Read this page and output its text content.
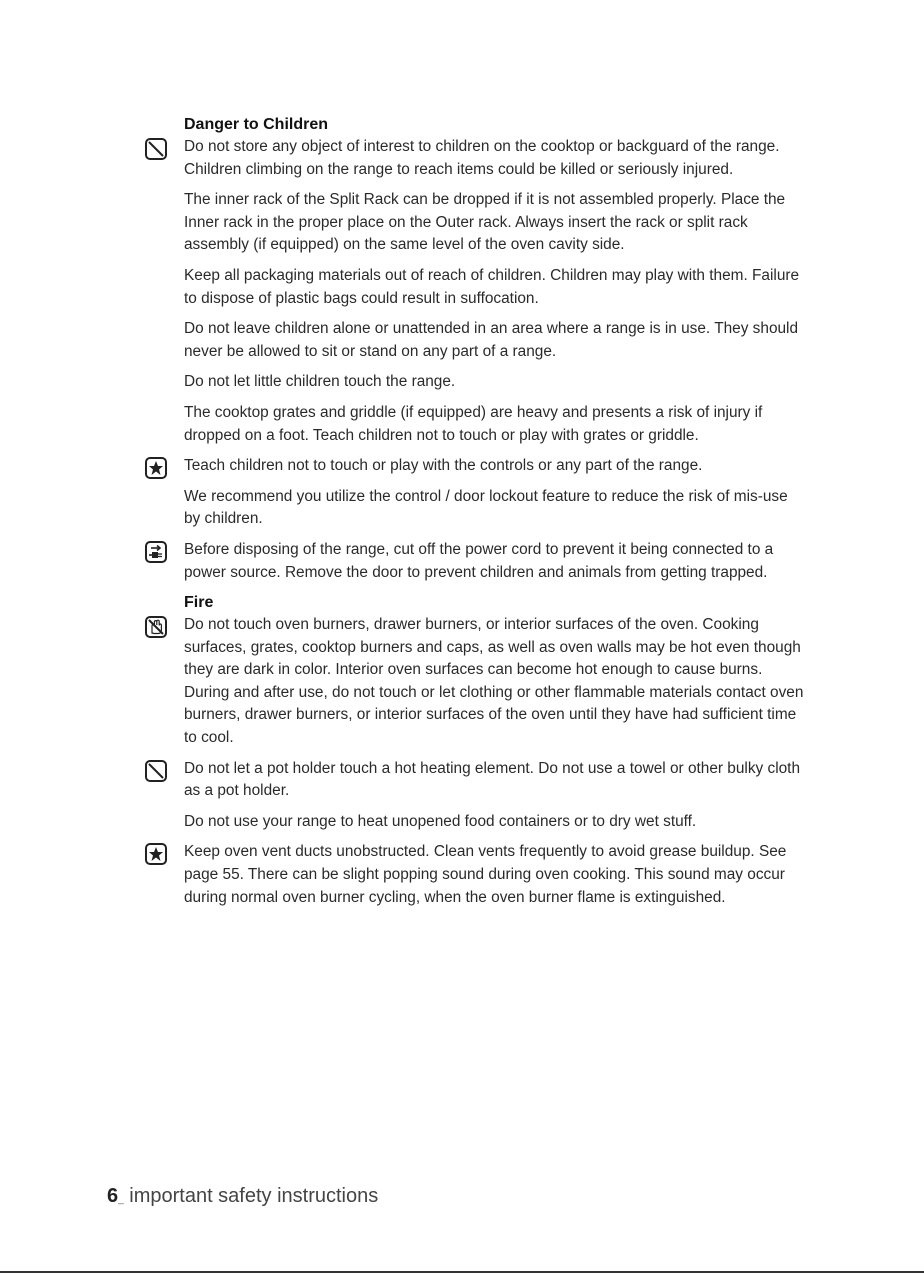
Danger to Children
Do not store any object of interest to children on the cooktop or backguard of the range. Children climbing on the range to reach items could be killed or seriously injured.
The inner rack of the Split Rack can be dropped if it is not assembled properly. Place the Inner rack in the proper place on the Outer rack. Always insert the rack or split rack assembly (if equipped) on the same level of the oven cavity side.
Keep all packaging materials out of reach of children. Children may play with them. Failure to dispose of plastic bags could result in suffocation.
Do not leave children alone or unattended in an area where a range is in use. They should never be allowed to sit or stand on any part of a range.
Do not let little children touch the range.
The cooktop grates and griddle (if equipped) are heavy and presents a risk of injury if dropped on a foot. Teach children not to touch or play with grates or griddle.
Teach children not to touch or play with the controls or any part of the range.
We recommend you utilize the control / door lockout feature to reduce the risk of mis-use by children.
Before disposing of the range, cut off the power cord to prevent it being connected to a power source. Remove the door to prevent children and animals from getting trapped.
Fire
Do not touch oven burners, drawer burners, or interior surfaces of the oven. Cooking surfaces, grates, cooktop burners and caps, as well as oven walls may be hot even though they are dark in color. Interior oven surfaces can become hot enough to cause burns. During and after use, do not touch or let clothing or other flammable materials contact oven burners, drawer burners, or interior surfaces of the oven until they have had sufficient time to cool.
Do not let a pot holder touch a hot heating element. Do not use a towel or other bulky cloth as a pot holder.
Do not use your range to heat unopened food containers or to dry wet stuff.
Keep oven vent ducts unobstructed. Clean vents frequently to avoid grease buildup. See page 55. There can be slight popping sound during oven cooking. This sound may occur during normal oven burner cycling, when the oven burner flame is extinguished.
6_ important safety instructions
